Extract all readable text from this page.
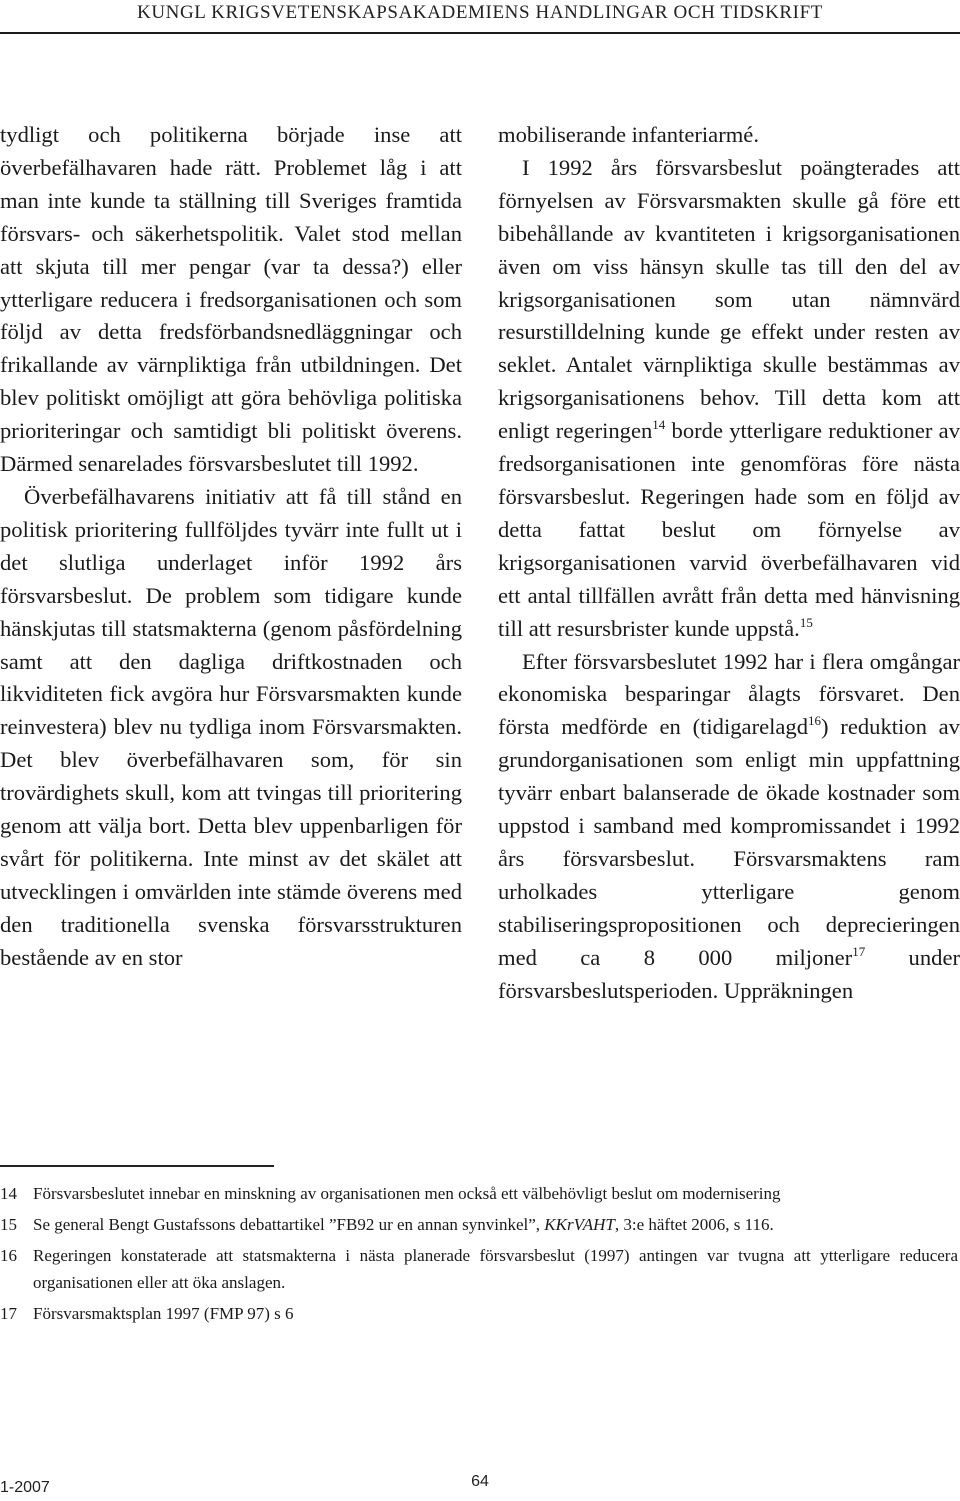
KUNGL KRIGSVETENSKAPSAKADEMIENS HANDLINGAR OCH TIDSKRIFT

tydligt och politikerna började inse att överbefälhavaren hade rätt. Problemet låg i att man inte kunde ta ställning till Sveriges framtida försvars- och säkerhetspolitik. Valet stod mellan att skjuta till mer pengar (var ta dessa?) eller ytterligare reducera i fredsorganisationen och som följd av detta fredsförbandsnedläggningar och frikallande av värnpliktiga från utbildningen. Det blev politiskt omöjligt att göra behövliga politiska prioriteringar och samtidigt bli politiskt överens. Därmed senarelades försvarsbeslutet till 1992.

Överbefälhavarens initiativ att få till stånd en politisk prioritering fullföljdes tyvärr inte fullt ut i det slutliga underlaget inför 1992 års försvarsbeslut. De problem som tidigare kunde hänskjutas till statsmakterna (genom påsfördelning samt att den dagliga driftkostnaden och likviditeten fick avgöra hur Försvarsmakten kunde reinvestera) blev nu tydliga inom Försvarsmakten. Det blev överbefälhavaren som, för sin trovärdighets skull, kom att tvingas till prioritering genom att välja bort. Detta blev uppenbarligen för svårt för politikerna. Inte minst av det skälet att utvecklingen i omvärlden inte stämde överens med den traditionella svenska försvarsstrukturen bestående av en stor

mobiliserande infanteriarmé.

I 1992 års försvarsbeslut poängterades att förnyelsen av Försvarsmakten skulle gå före ett bibehållande av kvantiteten i krigsorganisationen även om viss hänsyn skulle tas till den del av krigsorganisationen som utan nämnvärd resurstilldelning kunde ge effekt under resten av seklet. Antalet värnpliktiga skulle bestämmas av krigsorganisationens behov. Till detta kom att enligt regeringen$^{14}$ borde ytterligare reduktioner av fredsorganisationen inte genomföras före nästa försvarsbeslut. Regeringen hade som en följd av detta fattat beslut om förnyelse av krigsorganisationen varvid överbefälhavaren vid ett antal tillfällen avrått från detta med hänvisning till att resursbrister kunde uppstå.$^{15}$

Efter försvarsbeslutet 1992 har i flera omgångar ekonomiska besparingar ålagts försvaret. Den första medförde en (tidigarelagd$^{16}$) reduktion av grundorganisationen som enligt min uppfattning tyvärr enbart balanserade de ökade kostnader som uppstod i samband med kompromissandet i 1992 års försvarsbeslut. Försvarsmaktens ram urholkades ytterligare genom stabiliseringspropositionen och deprecieringen med ca 8 000 miljoner$^{17}$ under försvarsbeslutsperioden. Uppräkningen

14 Försvarsbeslutet innebar en minskning av organisationen men också ett välbehövligt beslut om modernisering
15 Se general Bengt Gustafssons debattartikel ”FB92 ur en annan synvinkel”, KKrVAHT, 3:e häftet 2006, s 116.
16 Regeringen konstaterade att statsmakterna i nästa planerade försvarsbeslut (1997) antingen var tvugna att ytterligare reducera organisationen eller att öka anslagen.
17 Försvarsmaktsplan 1997 (FMP 97) s 6
1-2007	64
